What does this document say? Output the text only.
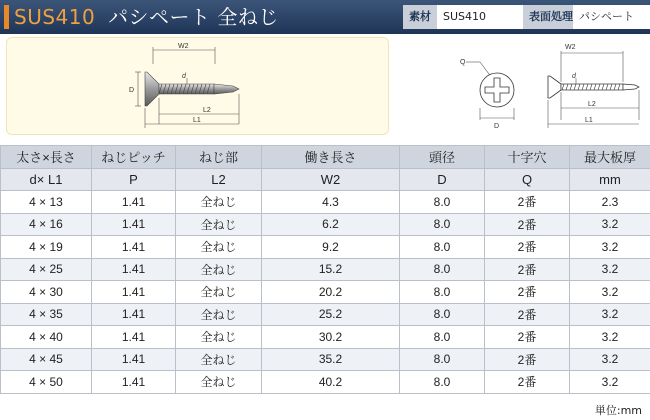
SUS410 パシペート 全ねじ	素材	SUS410	表面処理 パシペート
W2
D
d
L2
L1
Q
D
W2
d
L2
L1
太さ×長さ	ねじピッチ	ねじ部	働き長さ	頭径	十字穴	最大板厚
d× L1	P	L2	W2	D	Q	mm
4 × 13	1.41	全ねじ	4.3	8.0	2番	2.3
4 × 16	1.41	全ねじ	6.2	8.0	2番	3.2
4 × 19	1.41	全ねじ	9.2	8.0	2番	3.2
4 × 25	1.41	全ねじ	15.2	8.0	2番	3.2
4 × 30	1.41	全ねじ	20.2	8.0	2番	3.2
4 × 35	1.41	全ねじ	25.2	8.0	2番	3.2
4 × 40	1.41	全ねじ	30.2	8.0	2番	3.2
4 × 45	1.41	全ねじ	35.2	8.0	2番	3.2
4 × 50	1.41	全ねじ	40.2	8.0	2番	3.2
単位:mm
